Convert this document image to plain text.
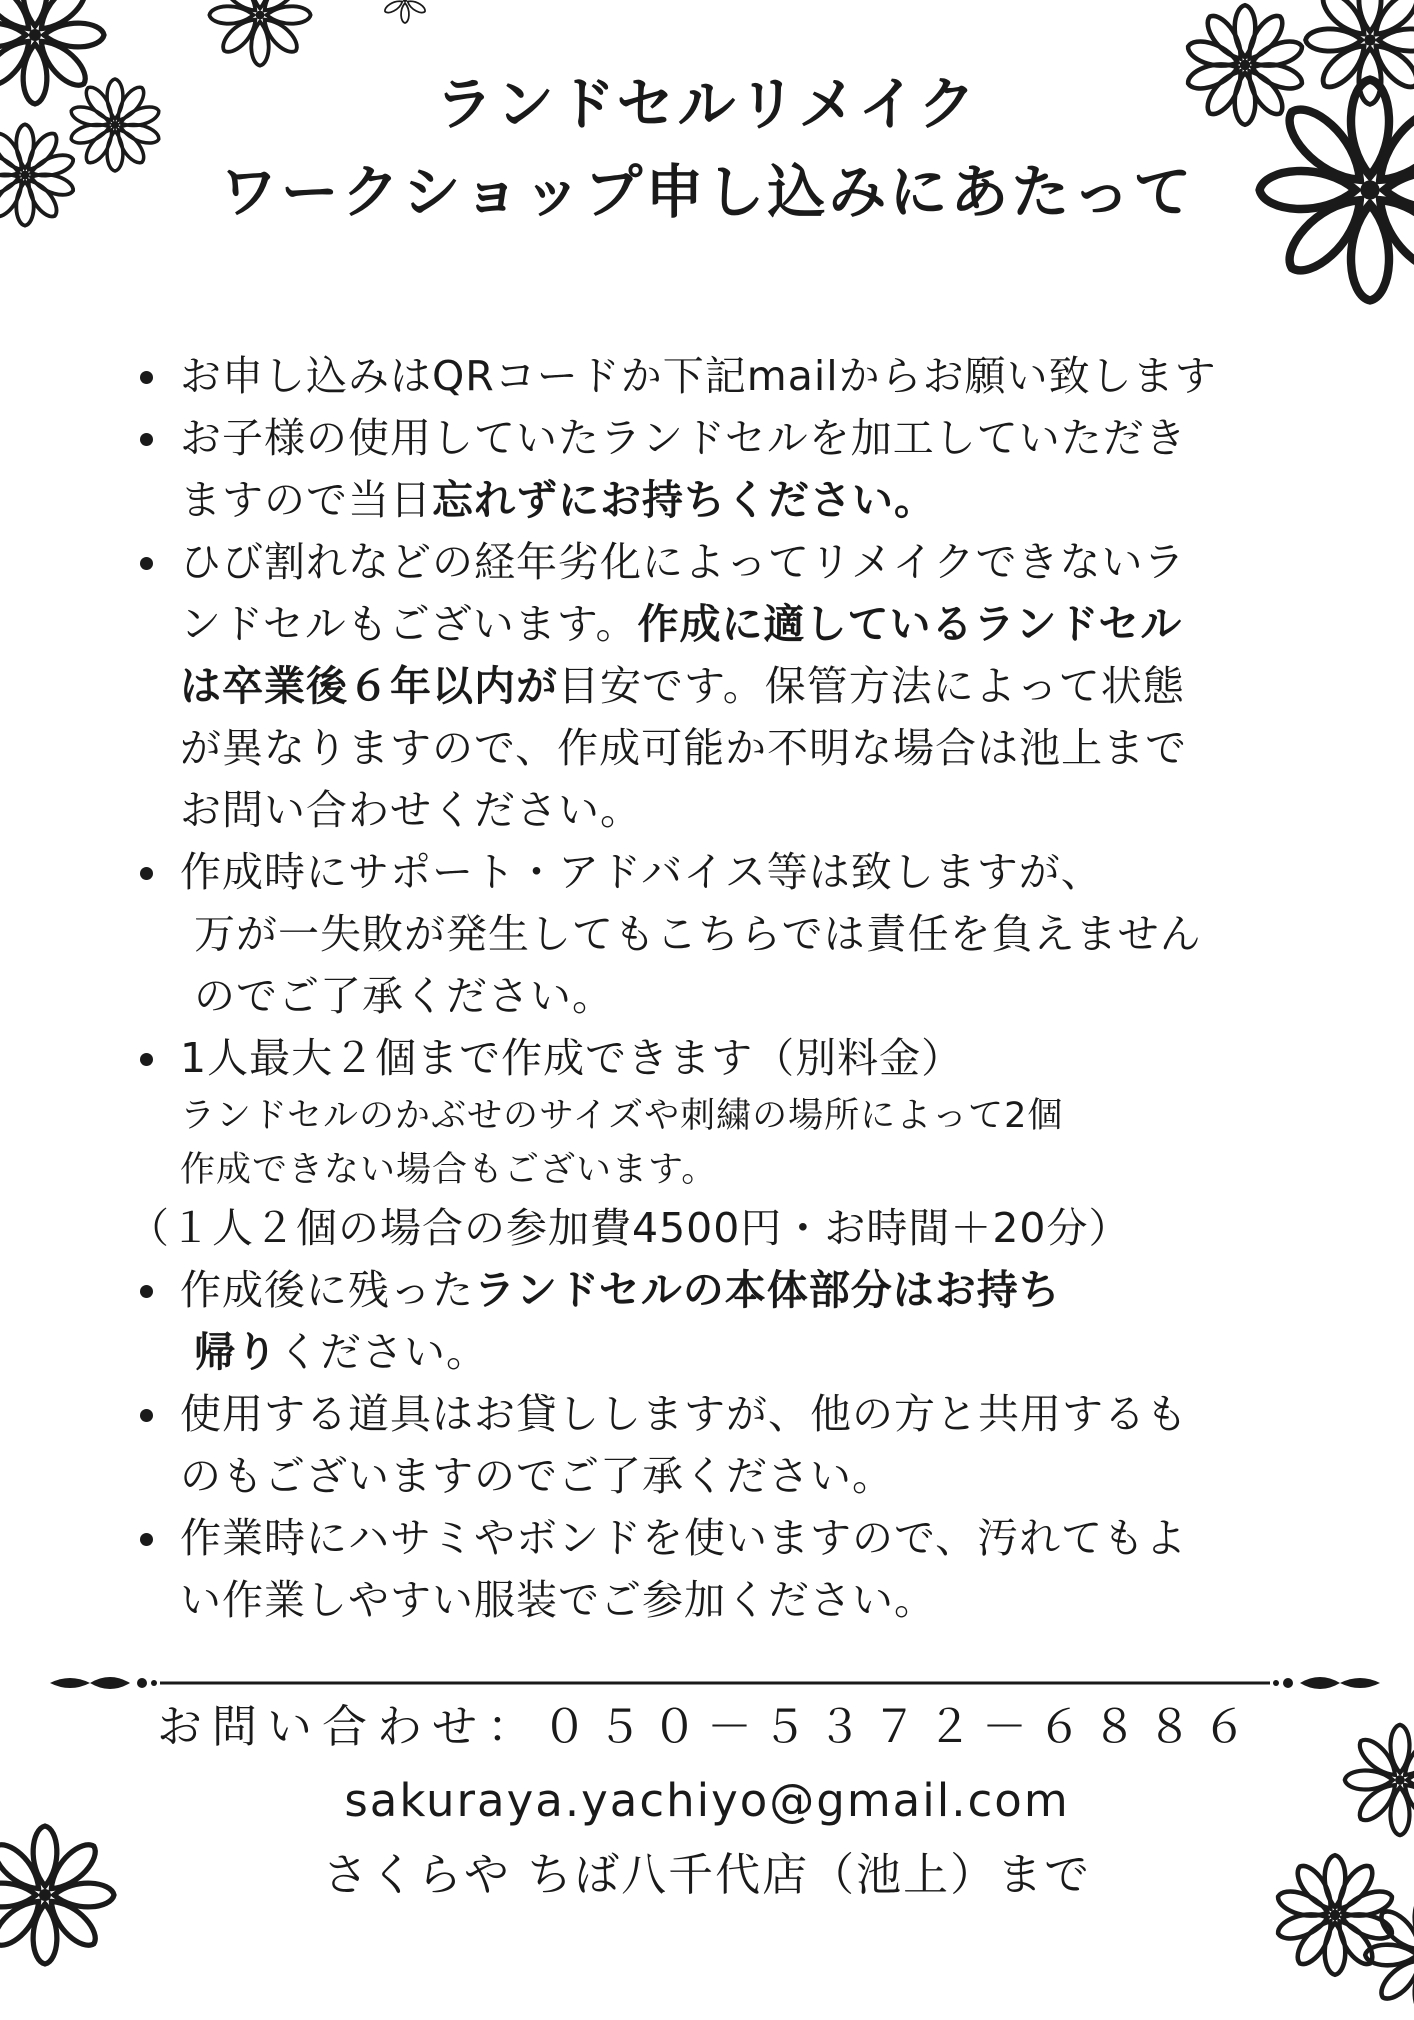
ランドセルリメイク
ワークショップ申し込みにあたって
お申し込みはQRコードか下記mailからお願い致します
お子様の使用していたランドセルを加工していただき
ますので当日忘れずにお持ちください。
ひび割れなどの経年劣化によってリメイクできないラ
ンドセルもございます。作成に適しているランドセル
は卒業後６年以内が目安です。保管方法によって状態
が異なりますので、作成可能か不明な場合は池上まで
お問い合わせください。
作成時にサポート・アドバイス等は致しますが、
万が一失敗が発生してもこちらでは責任を負えません
のでご了承ください。
1人最大２個まで作成できます（別料金）
ランドセルのかぶせのサイズや刺繍の場所によって2個
作成できない場合もございます。
（１人２個の場合の参加費4500円・お時間＋20分）
作成後に残ったランドセルの本体部分はお持ち
帰りください。
使用する道具はお貸ししますが、他の方と共用するも
のもございますのでご了承ください。
作業時にハサミやボンドを使いますので、汚れてもよ
い作業しやすい服装でご参加ください。
お問い合わせ：０５０－５３７２－６８８６
sakuraya.yachiyo@gmail.com
さくらや ちば八千代店（池上）まで
